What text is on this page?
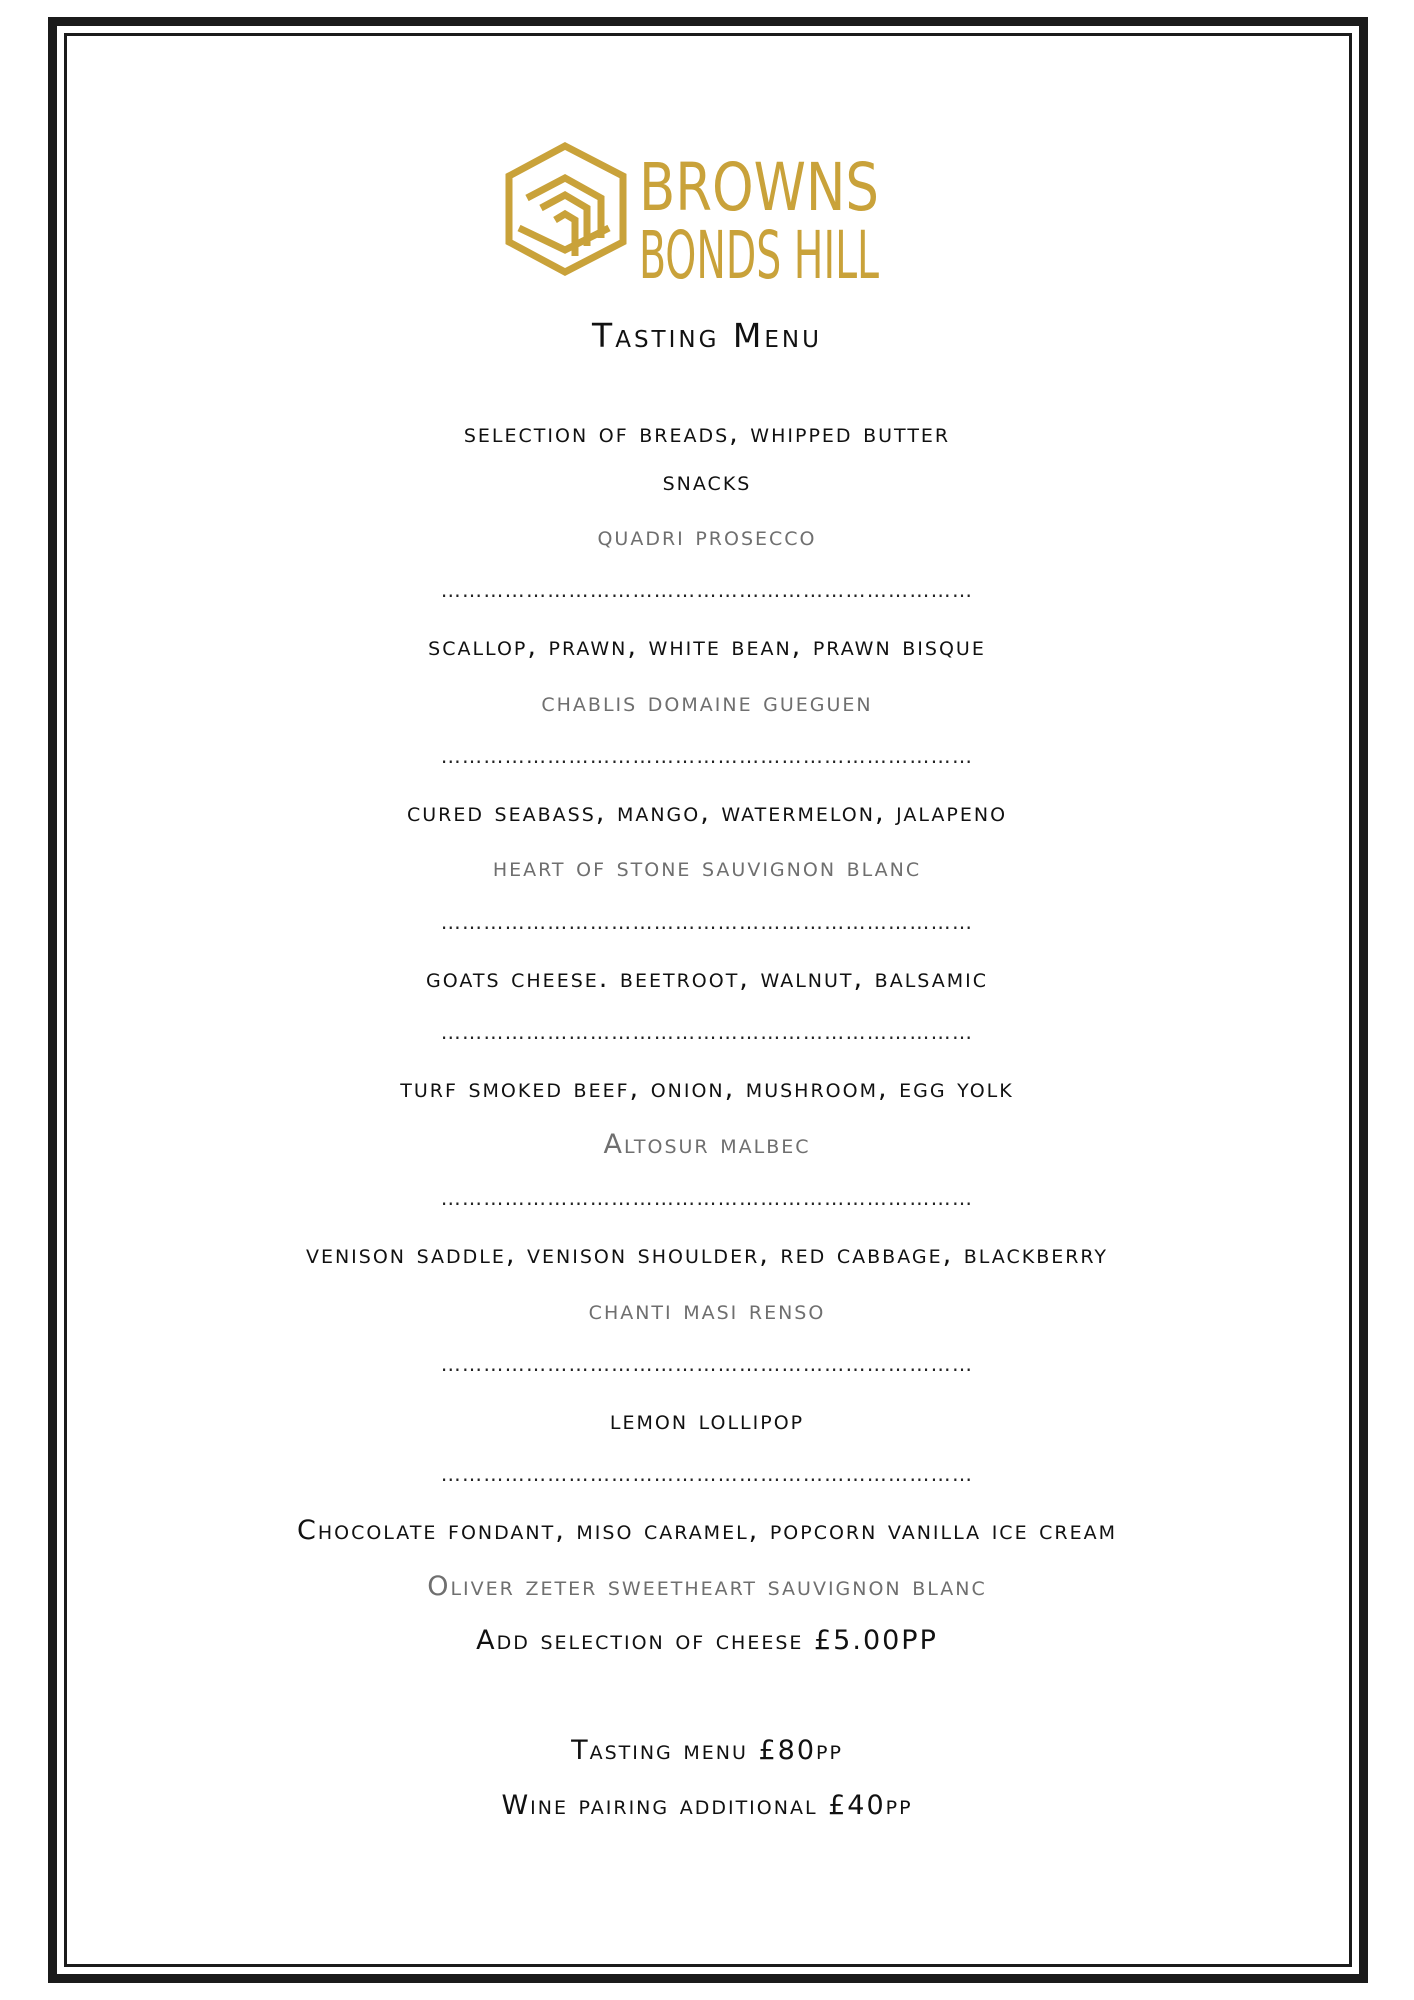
BROWNS
BONDS HILL
Tasting Menu
selection of breads, whipped butter
snacks
quadri prosecco
…………………………………………………………………
scallop, prawn, white bean, prawn bisque
chablis domaine gueguen
…………………………………………………………………
cured seabass, mango, watermelon, jalapeno
heart of stone sauvignon blanc
…………………………………………………………………
goats cheese. beetroot, walnut, balsamic
…………………………………………………………………
turf smoked beef, onion, mushroom, egg yolk
Altosur malbec
…………………………………………………………………
venison saddle, venison shoulder, red cabbage, blackberry
chanti masi renso
…………………………………………………………………
lemon lollipop
…………………………………………………………………
Chocolate fondant, miso caramel, popcorn vanilla ice cream
Oliver zeter sweetheart sauvignon blanc
Add selection of cheese £5.00PP
Tasting menu £80pp
Wine pairing additional £40pp
